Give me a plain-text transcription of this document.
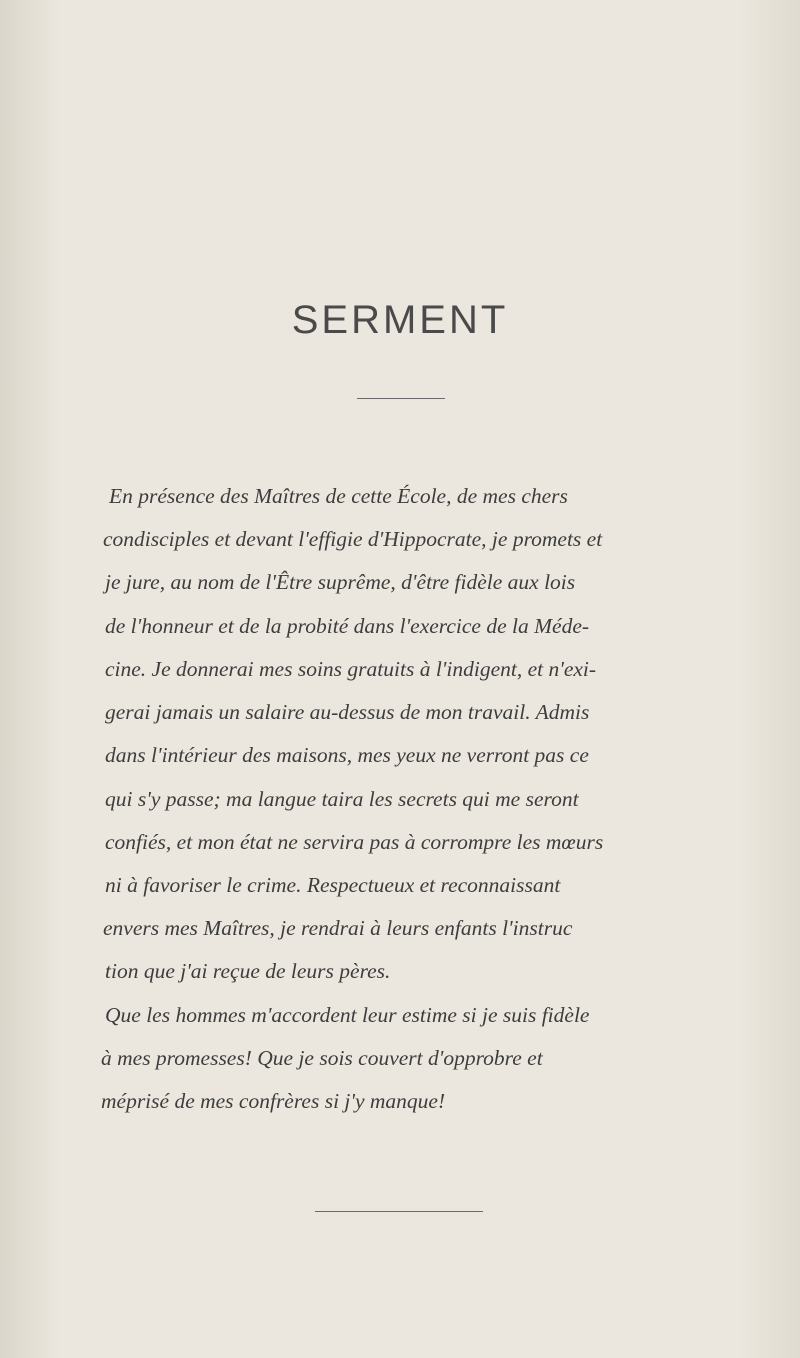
SERMENT
En présence des Maîtres de cette École, de mes chers
condisciples et devant l'effigie d'Hippocrate, je promets et
je jure, au nom de l'Être suprême, d'être fidèle aux lois
de l'honneur et de la probité dans l'exercice de la Méde-
cine. Je donnerai mes soins gratuits à l'indigent, et n'exi-
gerai jamais un salaire au-dessus de mon travail. Admis
dans l'intérieur des maisons, mes yeux ne verront pas ce
qui s'y passe; ma langue taira les secrets qui me seront
confiés, et mon état ne servira pas à corrompre les mœurs
ni à favoriser le crime. Respectueux et reconnaissant
envers mes Maîtres, je rendrai à leurs enfants l'instruc
tion que j'ai reçue de leurs pères.
Que les hommes m'accordent leur estime si je suis fidèle
à mes promesses! Que je sois couvert d'opprobre et
méprisé de mes confrères si j'y manque!
